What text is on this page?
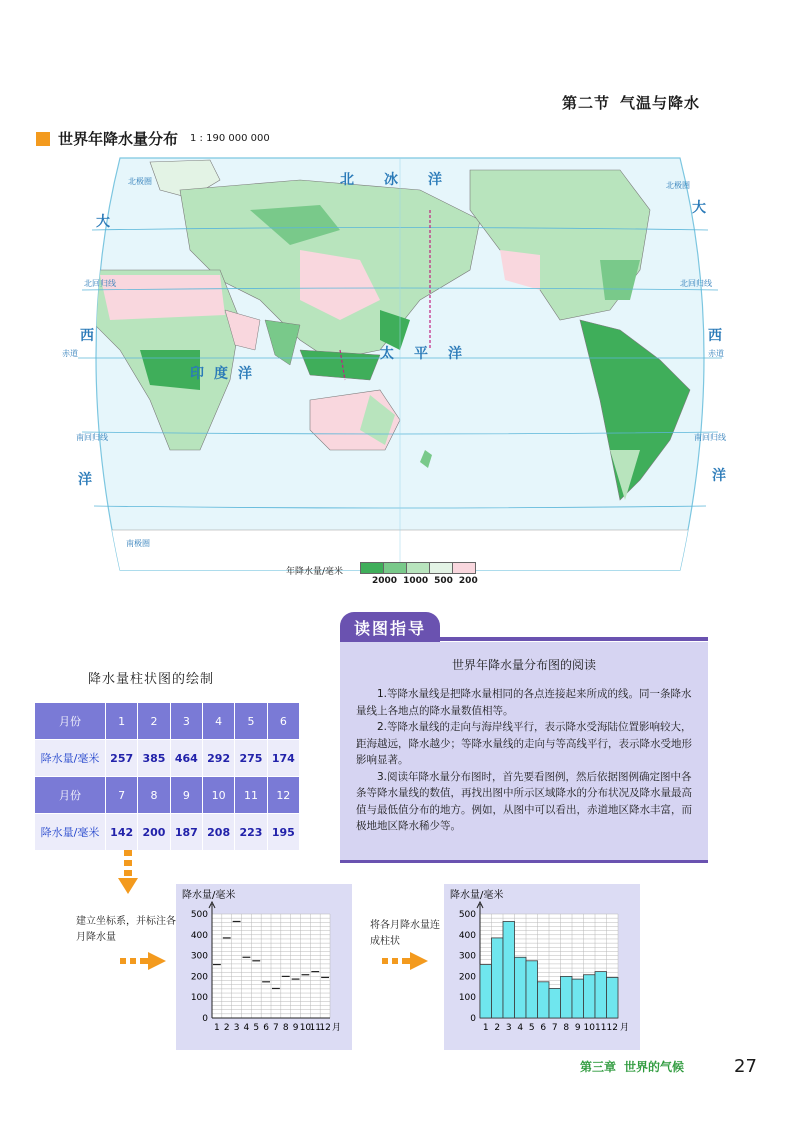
第二节 气温与降水
世界年降水量分布 1 : 190 000 000
北冰洋
太平洋
印度洋
大
大
西	西
洋	洋
北极圈	北极圈
北回归线	北回归线
赤道	赤道
南回归线	南回归线
南极圈
年降水量/毫米
2000 1000 500 200
读图指导
世界年降水量分布图的阅读

1.等降水量线是把降水量相同的各点连接起来所成的线。同一条降水量线上各地点的降水量数值相等。

2.等降水量线的走向与海岸线平行，表示降水受海陆位置影响较大，距海越远，降水越少；等降水量线的走向与等高线平行，表示降水受地形影响显著。

3.阅读年降水量分布图时，首先要看图例，然后依据图例确定图中各条等降水量线的数值，再找出图中所示区域降水的分布状况及降水量最高值与最低值分布的地方。例如，从图中可以看出，赤道地区降水丰富，而极地地区降水稀少等。

降水量柱状图的绘制
月份	1	2	3	4	5	6
降水量/毫米	257	385	464	292	275	174
月份	7	8	9	10	11	12
降水量/毫米	142	200	187	208	223	195
建立坐标系，并标注各月降水量
将各月降水量连成柱状
降水量/毫米
0
100
200
300
400
500
1 2 3 4 5 6 7 8 9 10
11
12 月
降水量/毫米
0
100
200
300
400
500
1 2 3 4 5 6 7 8 9 10 11 12 月
第三章 世界的气候	27
